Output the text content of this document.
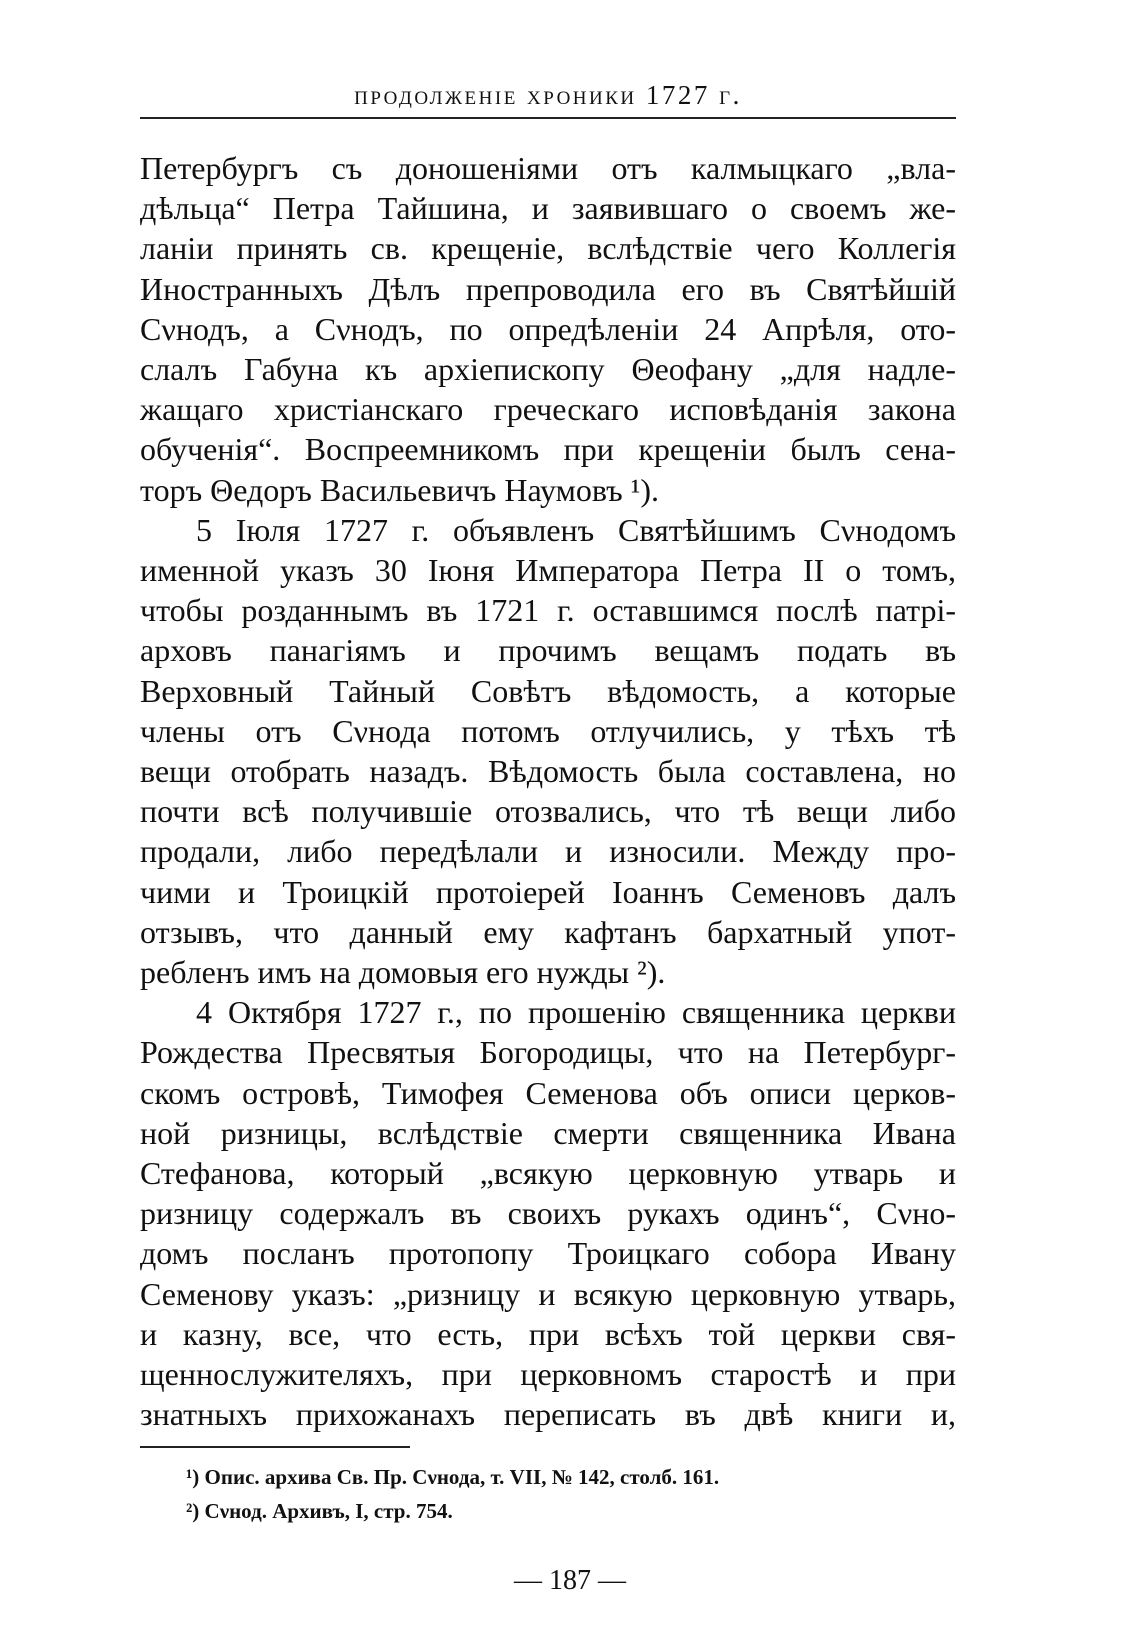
продолженіе хроники 1727 г.

Петербургъ съ доношеніями отъ калмыцкаго „вла-

дѣльца“ Петра Тайшина, и заявившаго о своемъ же-

ланіи принять св. крещеніе, вслѣдствіе чего Коллегія

Иностранныхъ Дѣлъ препроводила его въ Святѣйшій

Сνнодъ, а Сνнодъ, по опредѣленіи 24 Апрѣля, ото-

слалъ Габуна къ архіепископу Θеофану „для надле-

жащаго христіанскаго греческаго исповѣданія закона

обученія“. Воспреемникомъ при крещеніи былъ сена-

торъ Θедоръ Васильевичъ Наумовъ ¹).

5 Іюля 1727 г. объявленъ Святѣйшимъ Сνнодомъ

именной указъ 30 Іюня Императора Петра II о томъ,

чтобы розданнымъ въ 1721 г. оставшимся послѣ патрі-

арховъ панагіямъ и прочимъ вещамъ подать въ

Верховный Тайный Совѣтъ вѣдомость, а которые

члены отъ Сνнода потомъ отлучились, у тѣхъ тѣ

вещи отобрать назадъ. Вѣдомость была составлена, но

почти всѣ получившіе отозвались, что тѣ вещи либо

продали, либо передѣлали и износили. Между про-

чими и Троицкій протоіерей Іоаннъ Семеновъ далъ

отзывъ, что данный ему кафтанъ бархатный упот-

ребленъ имъ на домовыя его нужды ²).

4 Октября 1727 г., по прошенію священника церкви

Рождества Пресвятыя Богородицы, что на Петербург-

скомъ островѣ, Тимофея Семенова объ описи церков-

ной ризницы, вслѣдствіе смерти священника Ивана

Стефанова, который „всякую церковную утварь и

ризницу содержалъ въ своихъ рукахъ одинъ“, Сνно-

домъ посланъ протопопу Троицкаго собора Ивану

Семенову указъ: „ризницу и всякую церковную утварь,

и казну, все, что есть, при всѣхъ той церкви свя-

щеннослужителяхъ, при церковномъ старостѣ и при

знатныхъ прихожанахъ переписать въ двѣ книги и,

¹) Опис. архива Св. Пр. Сνнода, т. VII, № 142, столб. 161.
²) Сνнод. Архивъ, I, стр. 754.
— 187 —
